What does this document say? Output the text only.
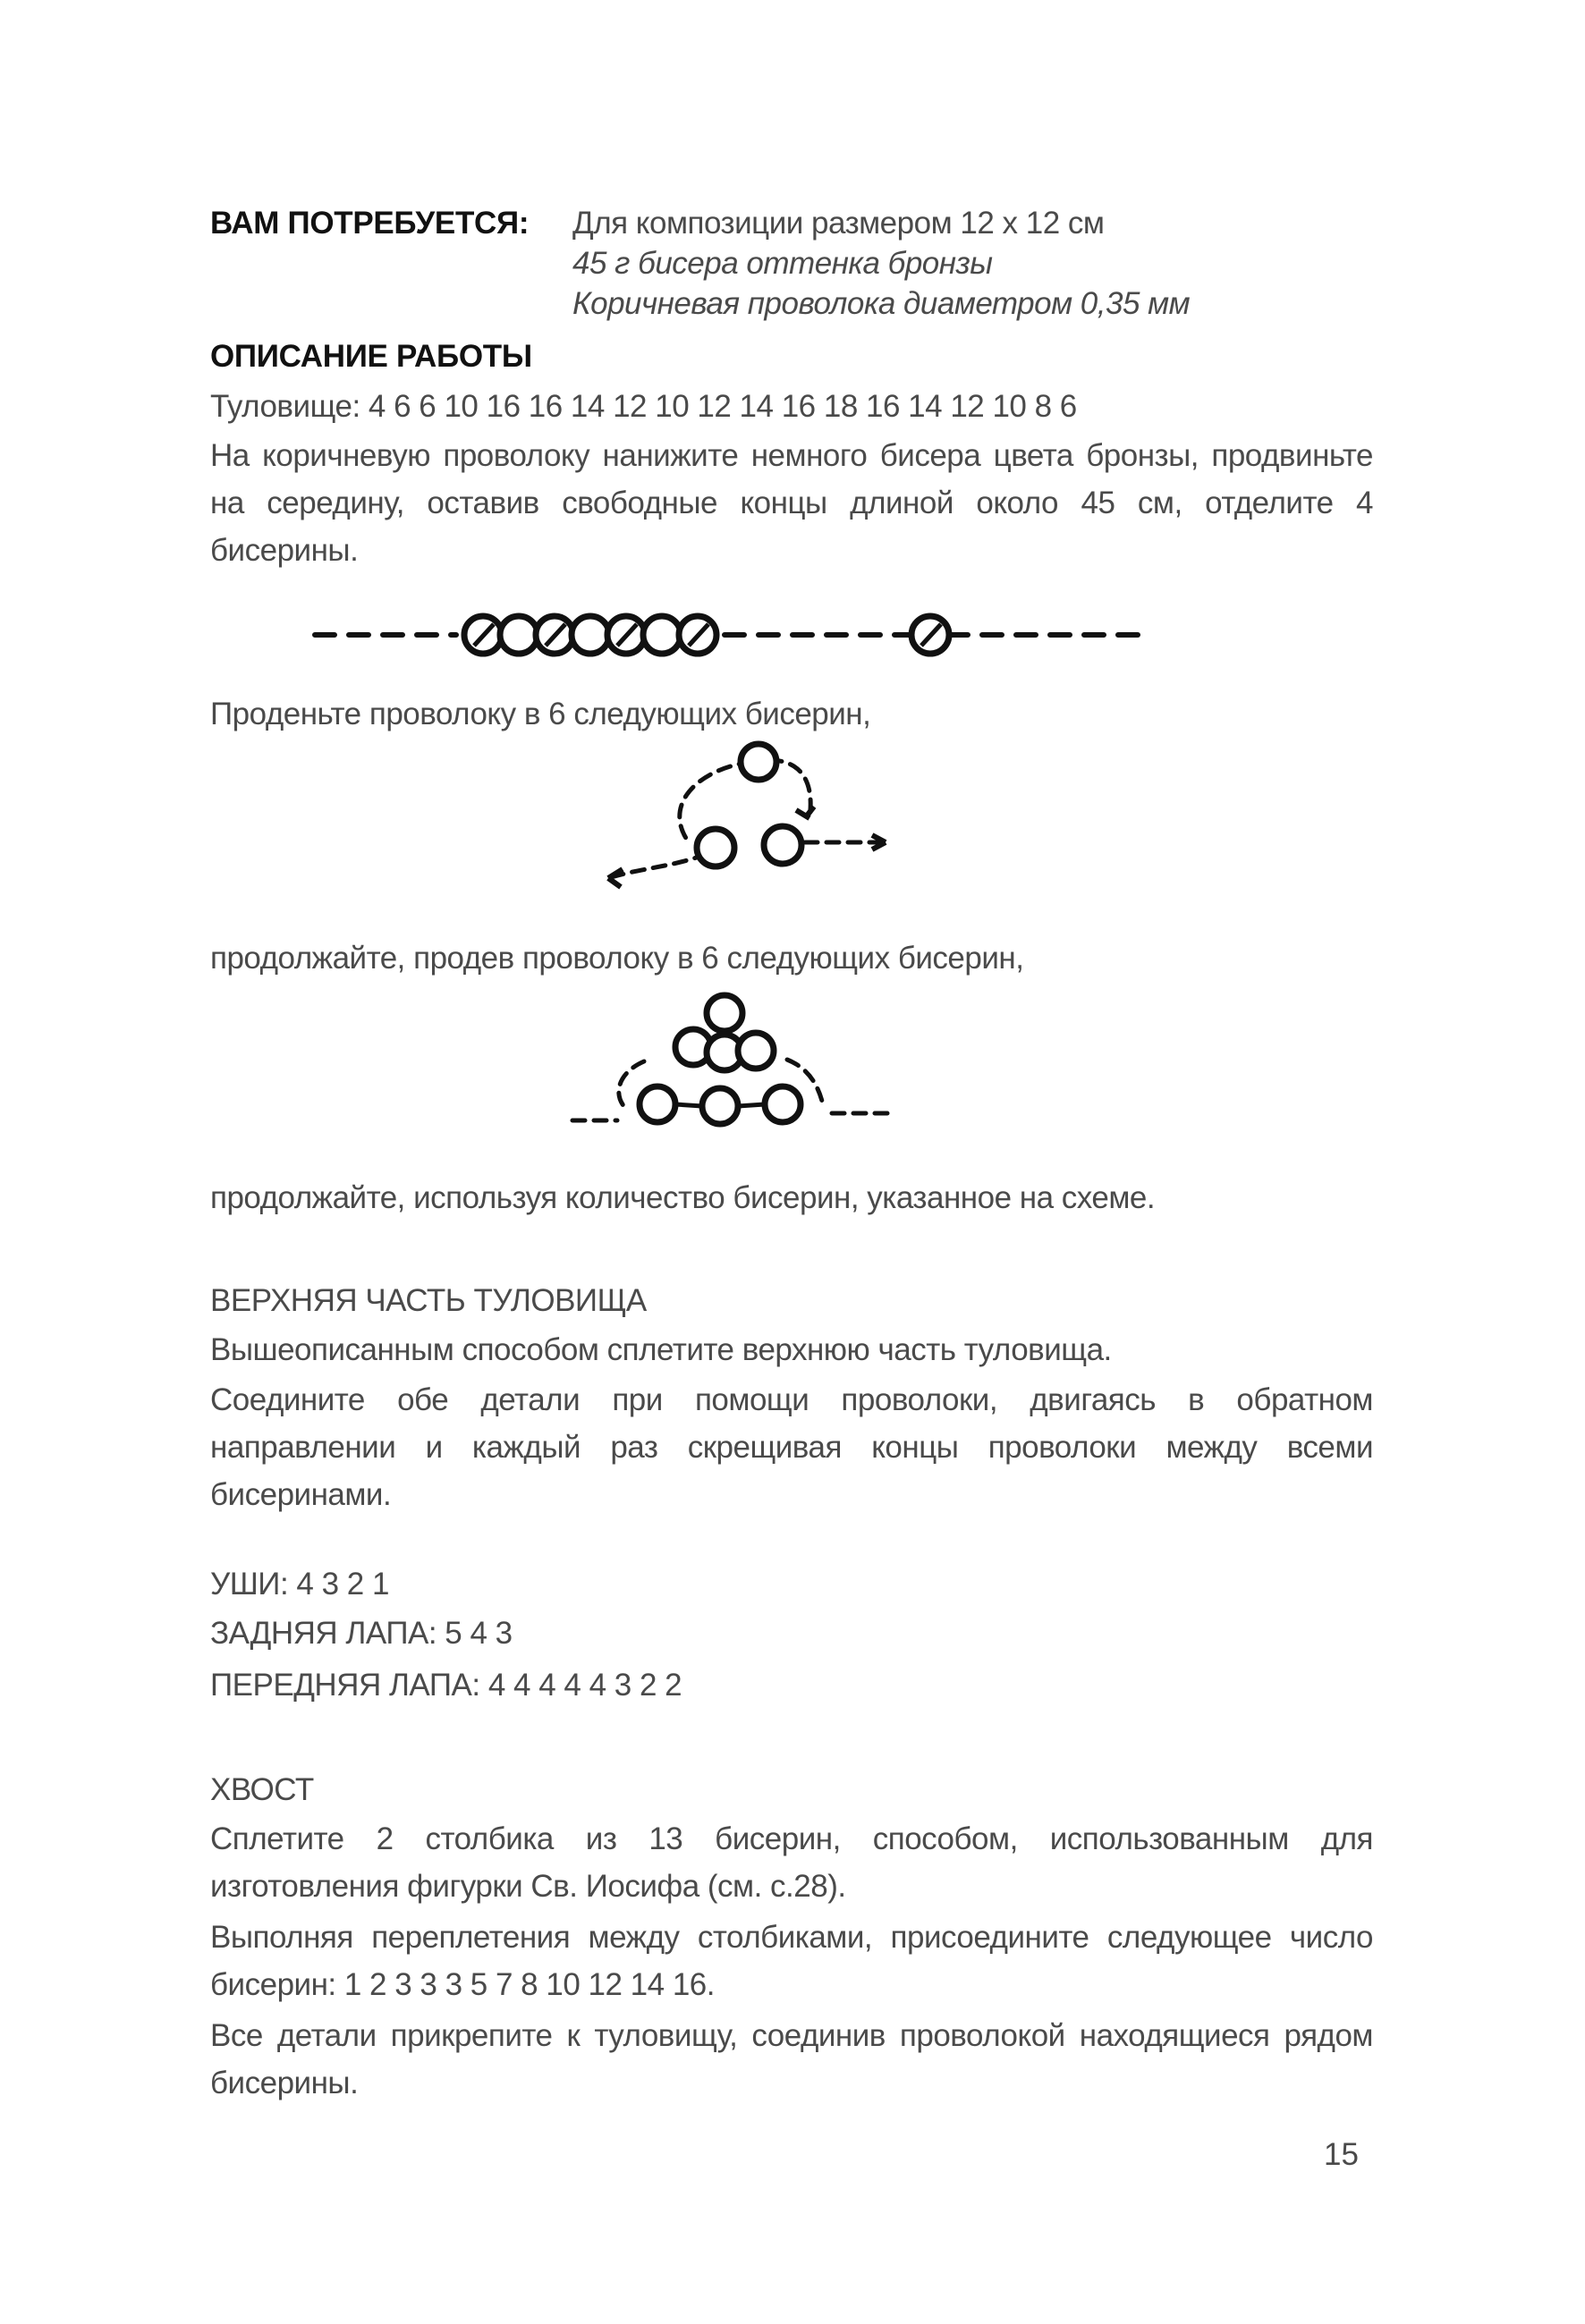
ВАМ ПОТРЕБУЕТСЯ: Для композиции размером 12 х 12 см

45 г бисера оттенка бронзы

Коричневая проволока диаметром 0,35 мм

ОПИСАНИЕ РАБОТЫ

Туловище: 4 6 6 10 16 16 14 12 10 12 14 16 18 16 14 12 10 8 6

На коричневую проволоку нанижите немного бисера цвета бронзы, продвиньте на середину, оставив свободные концы длиной около 45 см, отделите 4 бисерины.

Проденьте проволоку в 6 следующих бисерин,

продолжайте, продев проволоку в 6 следующих бисерин,

продолжайте, используя количество бисерин, указанное на схеме.

ВЕРХНЯЯ ЧАСТЬ ТУЛОВИЩА

Вышеописанным способом сплетите верхнюю часть туловища.

Соедините обе детали при помощи проволоки, двигаясь в обратном направлении и каждый раз скрещивая концы проволоки между всеми бисеринами.

УШИ: 4 3 2 1

ЗАДНЯЯ ЛАПА: 5 4 3

ПЕРЕДНЯЯ ЛАПА: 4 4 4 4 4 3 2 2

ХВОСТ

Сплетите 2 столбика из 13 бисерин, способом, использованным для изготовления фигурки Св. Иосифа (см. с.28).

Выполняя переплетения между столбиками, присоедините следующее число бисерин: 1 2 3 3 3 5 7 8 10 12 14 16.

Все детали прикрепите к туловищу, соединив проволокой находящиеся рядом бисерины.

15
